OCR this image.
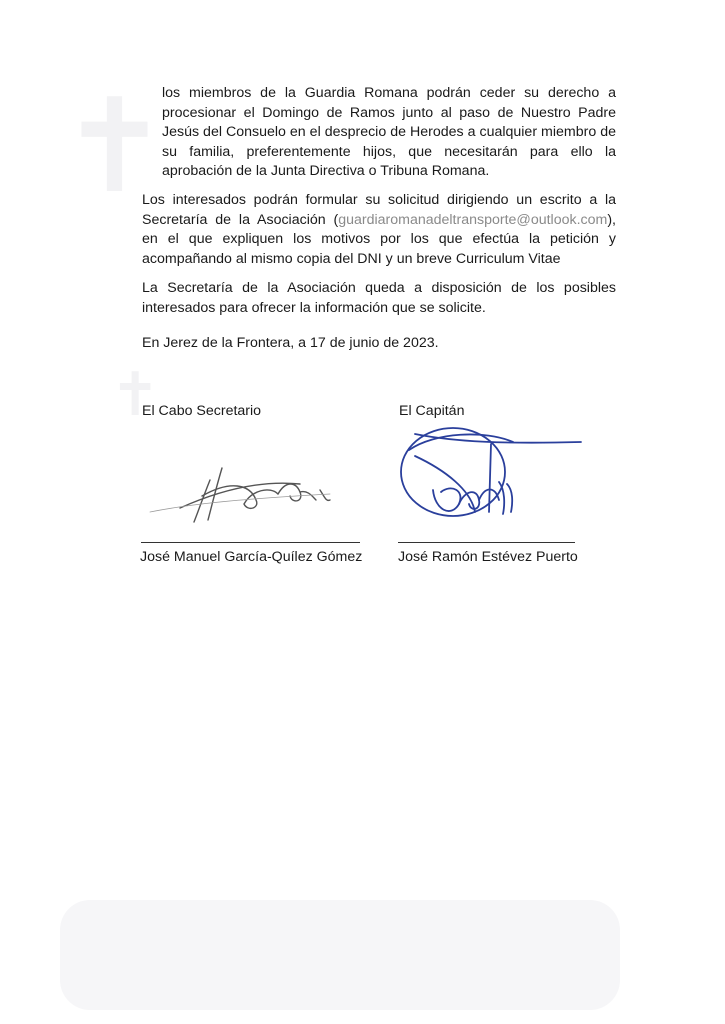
✝
✝

los miembros de la Guardia Romana podrán ceder su derecho a procesionar el Domingo de Ramos junto al paso de Nuestro Padre Jesús del Consuelo en el desprecio de Herodes a cualquier miembro de su familia, preferentemente hijos, que necesitarán para ello la aprobación de la Junta Directiva o Tribuna Romana.

Los interesados podrán formular su solicitud dirigiendo un escrito a la Secretaría de la Asociación (guardiaromanadeltransporte@outlook.com), en el que expliquen los motivos por los que efectúa la petición y acompañando al mismo copia del DNI y un breve Curriculum Vitae

La Secretaría de la Asociación queda a disposición de los posibles interesados para ofrecer la información que se solicite.

En Jerez de la Frontera, a 17 de junio de 2023.

El Cabo Secretario	El Capitán

José Manuel García-Quílez Gómez	José Ramón Estévez Puerto
